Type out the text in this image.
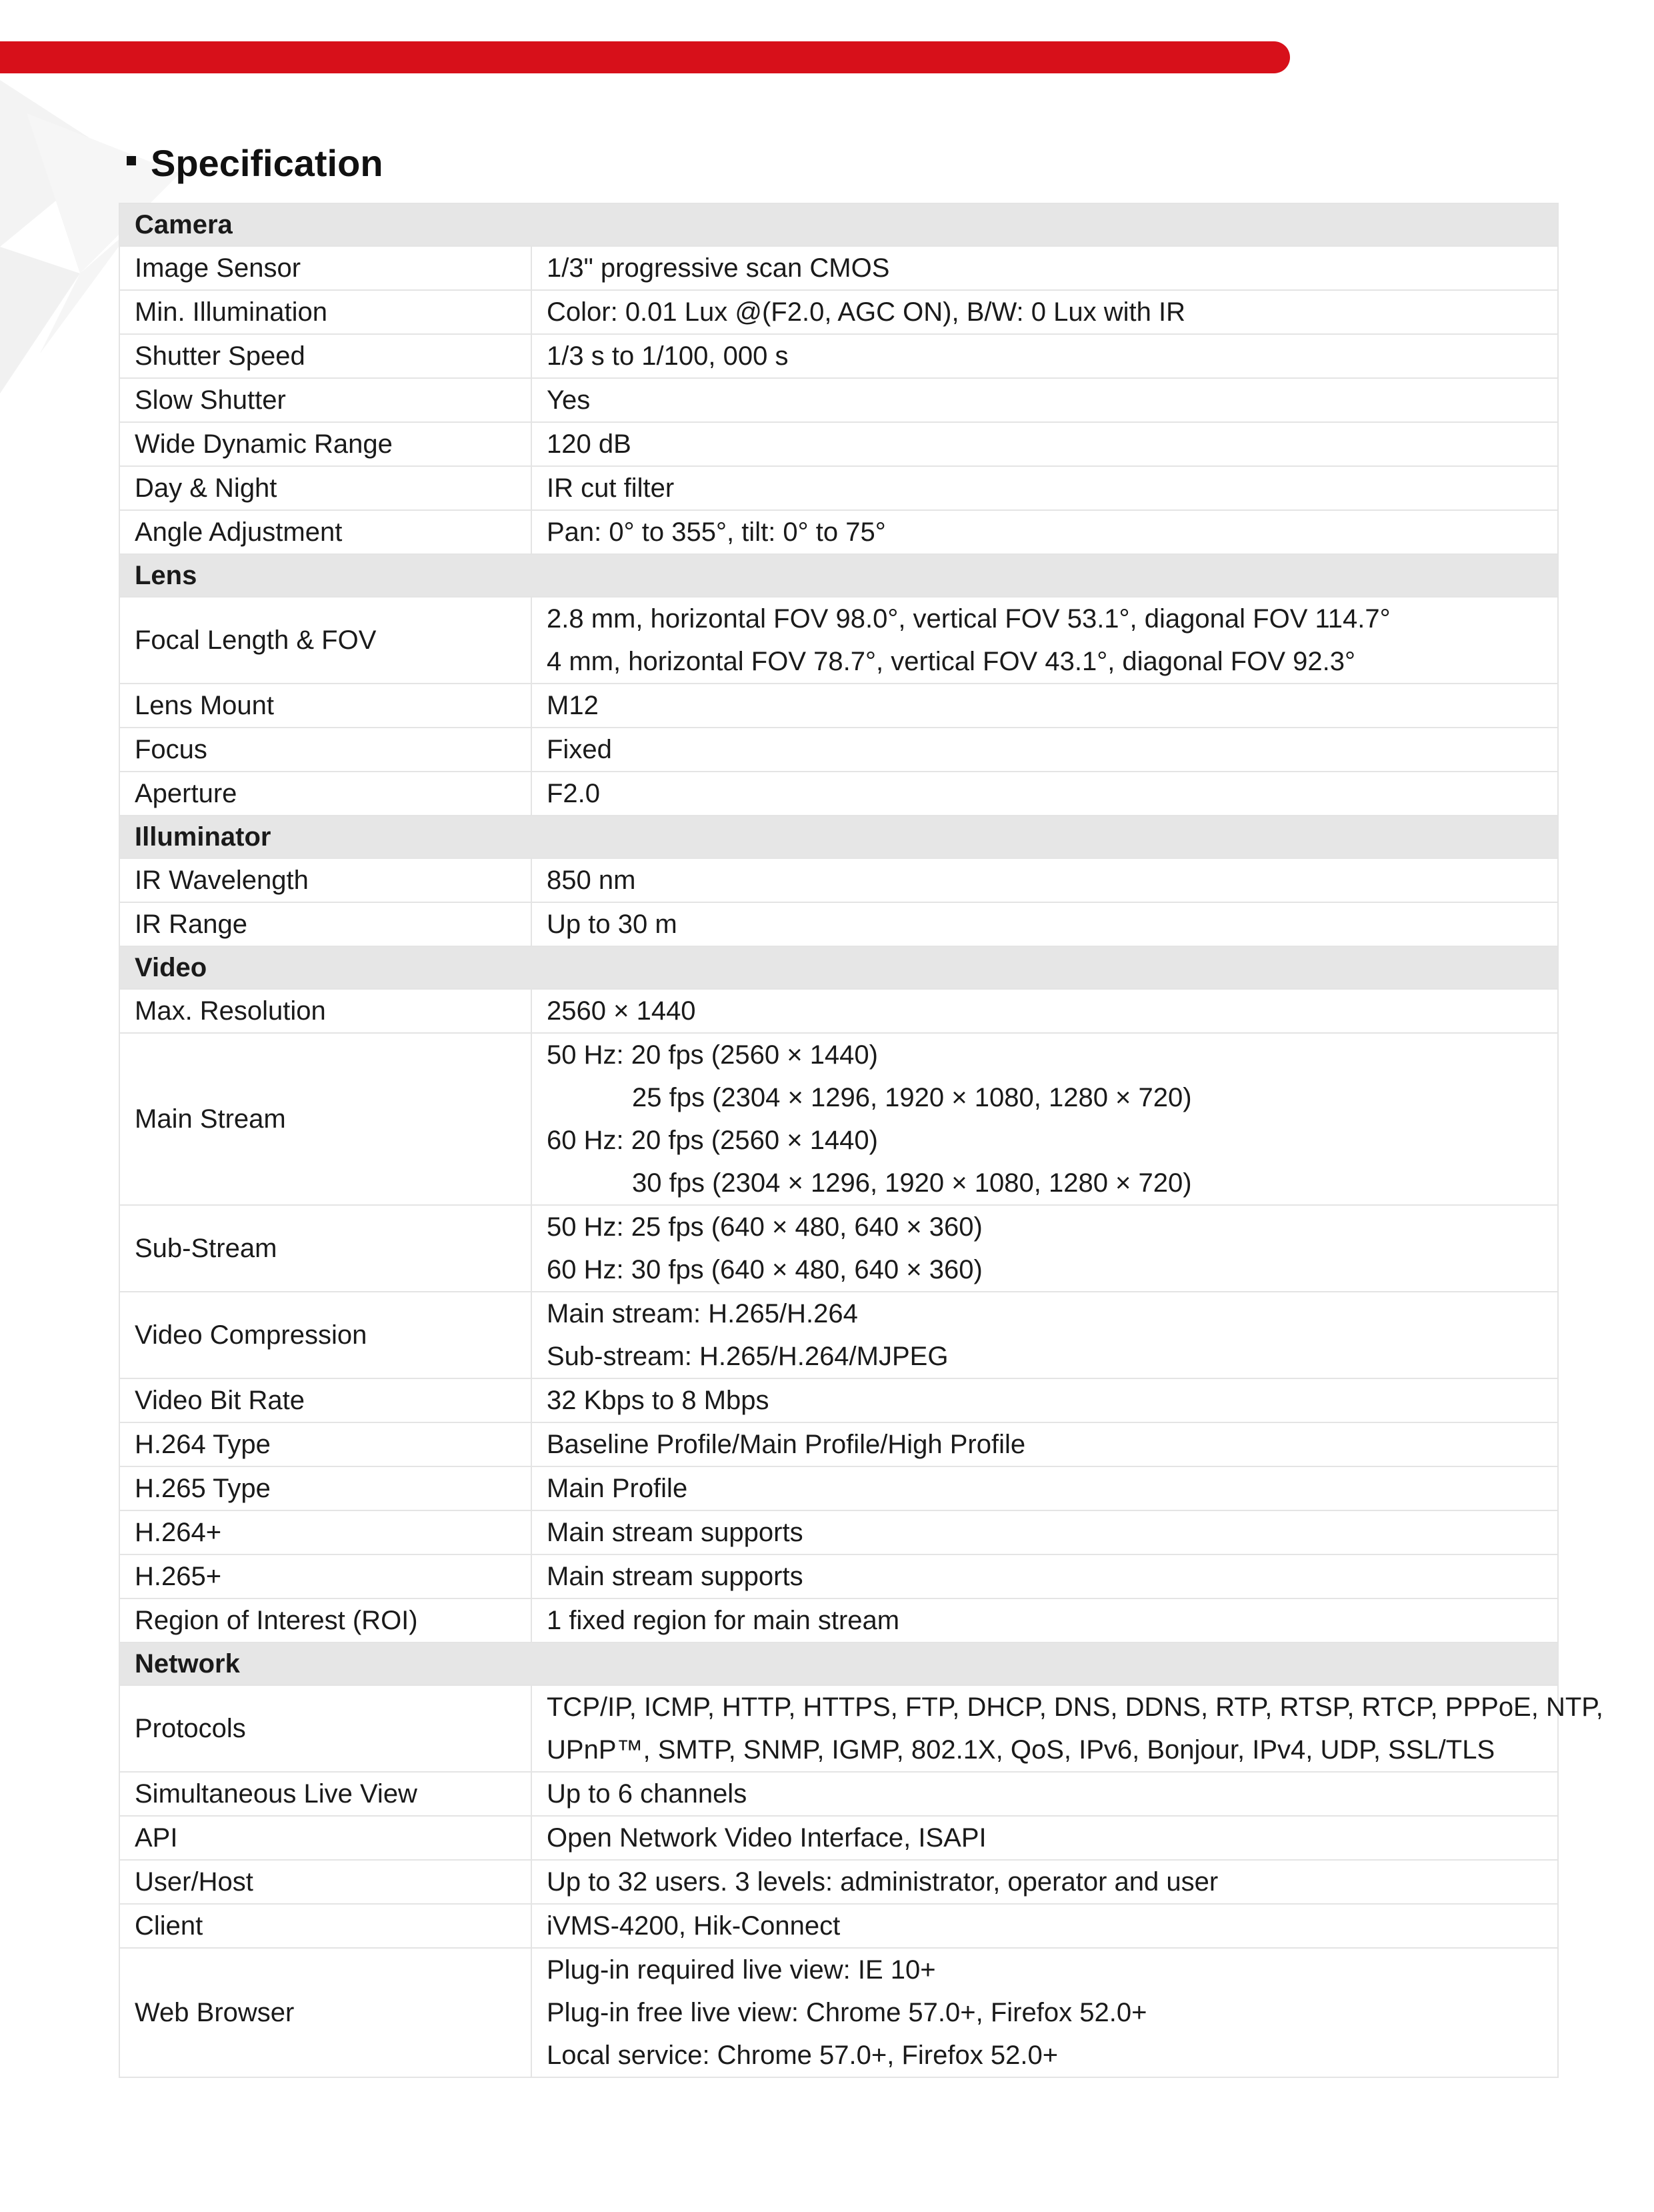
Specification
Camera	
Image Sensor	1/3" progressive scan CMOS

Min. Illumination	Color: 0.01 Lux @(F2.0, AGC ON), B/W: 0 Lux with IR

Shutter Speed	1/3 s to 1/100, 000 s

Slow Shutter	Yes

Wide Dynamic Range	120 dB

Day & Night	IR cut filter

Angle Adjustment	Pan: 0° to 355°, tilt: 0° to 75°

Lens	
Focal Length & FOV	2.8 mm, horizontal FOV 98.0°, vertical FOV 53.1°, diagonal FOV 114.7°
4 mm, horizontal FOV 78.7°, vertical FOV 43.1°, diagonal FOV 92.3°

Lens Mount	M12

Focus	Fixed

Aperture	F2.0

Illuminator	
IR Wavelength	850 nm

IR Range	Up to 30 m

Video	
Max. Resolution	2560 × 1440

Main Stream	50 Hz: 20 fps (2560 × 1440)
25 fps (2304 × 1296, 1920 × 1080, 1280 × 720)
60 Hz: 20 fps (2560 × 1440)
30 fps (2304 × 1296, 1920 × 1080, 1280 × 720)

Sub-Stream	50 Hz: 25 fps (640 × 480, 640 × 360)
60 Hz: 30 fps (640 × 480, 640 × 360)

Video Compression	Main stream: H.265/H.264
Sub-stream: H.265/H.264/MJPEG

Video Bit Rate	32 Kbps to 8 Mbps

H.264 Type	Baseline Profile/Main Profile/High Profile

H.265 Type	Main Profile

H.264+	Main stream supports

H.265+	Main stream supports

Region of Interest (ROI)	1 fixed region for main stream

Network	
Protocols	TCP/IP, ICMP, HTTP, HTTPS, FTP, DHCP, DNS, DDNS, RTP, RTSP, RTCP, PPPoE, NTP,
UPnP™, SMTP, SNMP, IGMP, 802.1X, QoS, IPv6, Bonjour, IPv4, UDP, SSL/TLS

Simultaneous Live View	Up to 6 channels

API	Open Network Video Interface, ISAPI

User/Host	Up to 32 users. 3 levels: administrator, operator and user

Client	iVMS-4200, Hik-Connect

Web Browser	Plug-in required live view: IE 10+
Plug-in free live view: Chrome 57.0+, Firefox 52.0+
Local service: Chrome 57.0+, Firefox 52.0+
